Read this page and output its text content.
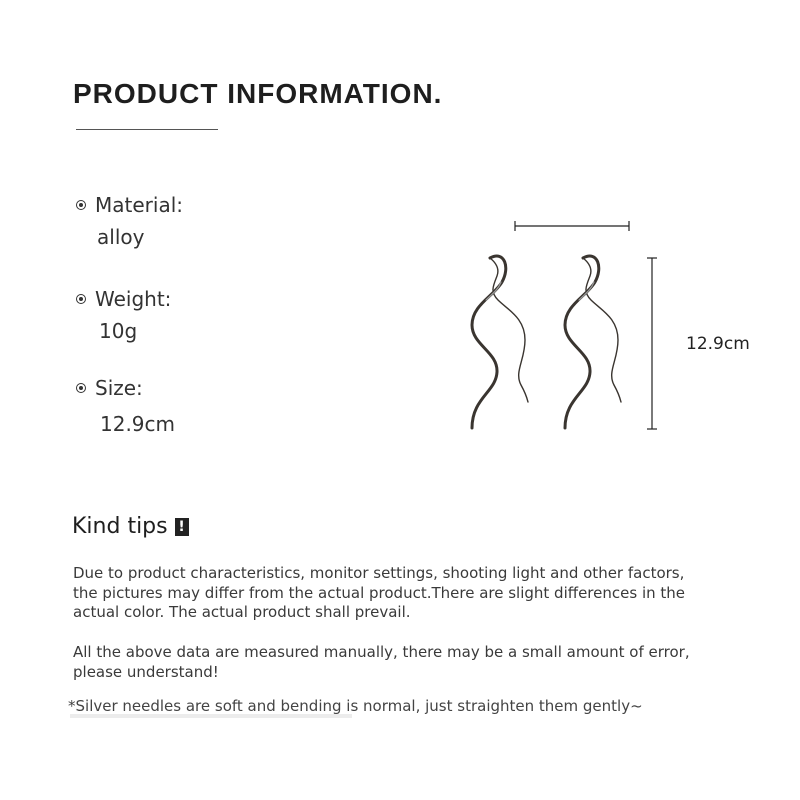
PRODUCT INFORMATION.
Material:
alloy
Weight:
10g
Size:
12.9cm
12.9cm
Kind tips !
Due to product characteristics, monitor settings, shooting light and other factors, the pictures may differ from the actual product.There are slight differences in the actual color. The actual product shall prevail.
All the above data are measured manually, there may be a small amount of error, please understand!
*Silver needles are soft and bending is normal, just straighten them gently~
